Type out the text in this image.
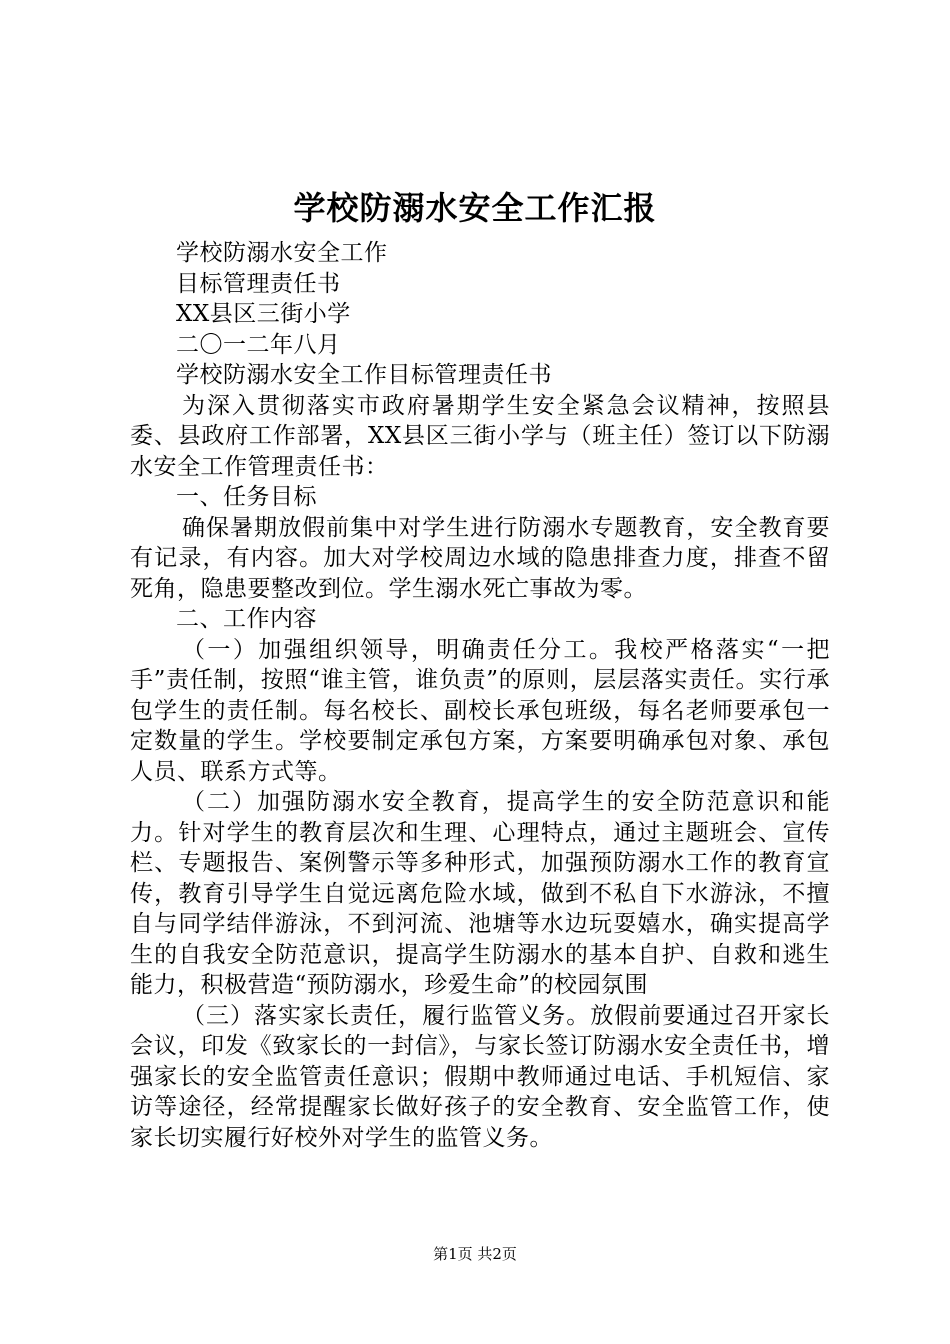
学校防溺水安全工作汇报

学校防溺水安全工作

目标管理责任书

XX县区三街小学

二〇一二年八月

学校防溺水安全工作目标管理责任书

为深入贯彻落实市政府暑期学生安全紧急会议精神，按照县委、县政府工作部署，XX县区三街小学与（班主任）签订以下防溺水安全工作管理责任书：

一、任务目标

确保暑期放假前集中对学生进行防溺水专题教育，安全教育要有记录，有内容。加大对学校周边水域的隐患排查力度，排查不留死角，隐患要整改到位。学生溺水死亡事故为零。

二、工作内容

（一）加强组织领导，明确责任分工。我校严格落实“一把手”责任制，按照“谁主管，谁负责”的原则，层层落实责任。实行承包学生的责任制。每名校长、副校长承包班级，每名老师要承包一定数量的学生。学校要制定承包方案，方案要明确承包对象、承包人员、联系方式等。

（二）加强防溺水安全教育，提高学生的安全防范意识和能力。针对学生的教育层次和生理、心理特点，通过主题班会、宣传栏、专题报告、案例警示等多种形式，加强预防溺水工作的教育宣传，教育引导学生自觉远离危险水域，做到不私自下水游泳，不擅自与同学结伴游泳，不到河流、池塘等水边玩耍嬉水，确实提高学生的自我安全防范意识，提高学生防溺水的基本自护、自救和逃生能力，积极营造“预防溺水，珍爱生命”的校园氛围

（三）落实家长责任，履行监管义务。放假前要通过召开家长会议，印发《致家长的一封信》，与家长签订防溺水安全责任书，增强家长的安全监管责任意识；假期中教师通过电话、手机短信、家访等途径，经常提醒家长做好孩子的安全教育、安全监管工作，使家长切实履行好校外对学生的监管义务。

第1页 共2页
